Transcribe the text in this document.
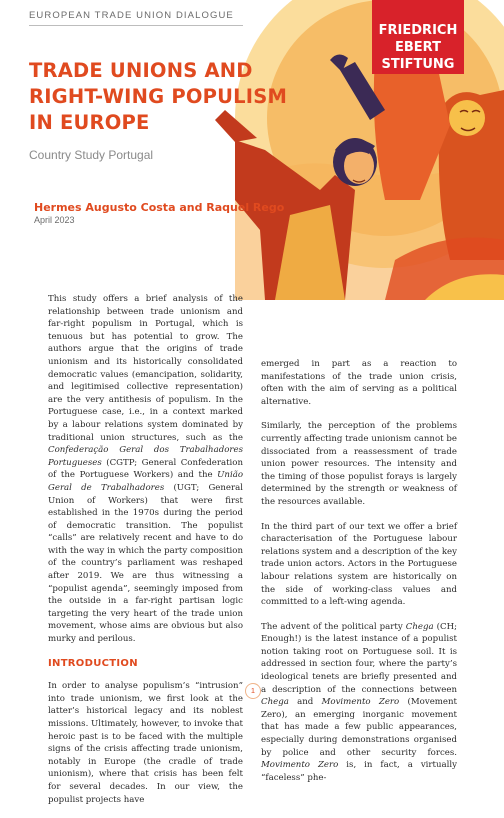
EUROPEAN TRADE UNION DIALOGUE
FRIEDRICH
EBERT
STIFTUNG
TRADE UNIONS AND
RIGHT-WING POPULISM
IN EUROPE
Country Study Portugal
Hermes Augusto Costa and Raquel Rego
April 2023

This study offers a brief analysis of the relationship between trade unionism and far-right populism in Portugal, which is tenuous but has potential to grow. The authors argue that the origins of trade unionism and its historically consolidated democratic values (emancipation, solidarity, and legitimised collective representation) are the very antithesis of populism. In the Portuguese case, i.e., in a context marked by a labour relations system dominated by traditional union structures, such as the Confederação Geral dos Trabalhadores Portugueses (CGTP; General Confederation of the Portuguese Workers) and the União Geral de Trabalhadores (UGT; General Union of Workers) that were first established in the 1970s during the period of democratic transition. The populist “calls” are relatively recent and have to do with the way in which the party composition of the country’s parliament was reshaped after 2019. We are thus witnessing a “populist agenda”, seemingly imposed from the outside in a far-right partisan logic targeting the very heart of the trade union movement, whose aims are obvious but also murky and perilous.

INTRODUCTION

In order to analyse populism’s “intrusion” into trade unionism, we first look at the latter’s historical legacy and its noblest missions. Ultimately, however, to invoke that heroic past is to be faced with the multiple signs of the crisis affecting trade unionism, notably in Europe (the cradle of trade unionism), where that crisis has been felt for several decades. In our view, the populist projects have

emerged in part as a reaction to manifestations of the trade union crisis, often with the aim of serving as a political alternative.

Similarly, the perception of the problems currently affecting trade unionism cannot be dissociated from a reassessment of trade union power resources. The intensity and the timing of those populist forays is largely determined by the strength or weakness of the resources available.

In the third part of our text we offer a brief characterisation of the Portuguese labour relations system and a description of the key trade union actors. Actors in the Portuguese labour relations system are historically on the side of working-class values and committed to a left-wing agenda.

The advent of the political party Chega (CH; Enough!) is the latest instance of a populist notion taking root on Portuguese soil. It is addressed in section four, where the party’s ideological tenets are briefly presented and a description of the connections between Chega and Movimento Zero (Movement Zero), an emerging inorganic movement that has made a few public appearances, especially during demonstrations organised by police and other security forces. Movimento Zero is, in fact, a virtually “faceless” phe-

1
